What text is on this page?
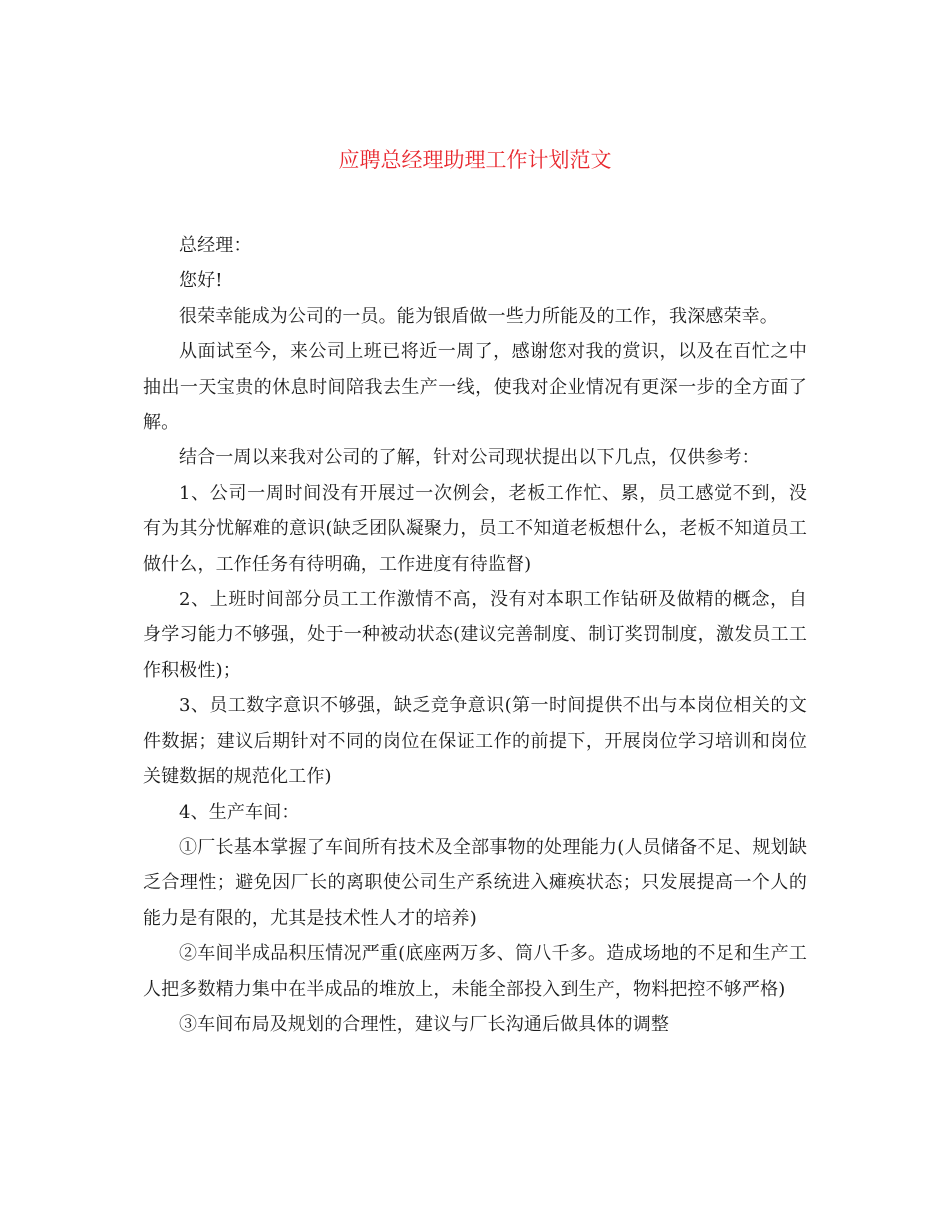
应聘总经理助理工作计划范文

总经理：

您好!

很荣幸能成为公司的一员。能为银盾做一些力所能及的工作，我深感荣幸。

从面试至今，来公司上班已将近一周了，感谢您对我的赏识，以及在百忙之中抽出一天宝贵的休息时间陪我去生产一线，使我对企业情况有更深一步的全方面了解。

结合一周以来我对公司的了解，针对公司现状提出以下几点，仅供参考：

1、公司一周时间没有开展过一次例会，老板工作忙、累，员工感觉不到，没有为其分忧解难的意识(缺乏团队凝聚力，员工不知道老板想什么，老板不知道员工做什么，工作任务有待明确，工作进度有待监督)

2、上班时间部分员工工作激情不高，没有对本职工作钻研及做精的概念，自身学习能力不够强，处于一种被动状态(建议完善制度、制订奖罚制度，激发员工工作积极性)；

3、员工数字意识不够强，缺乏竞争意识(第一时间提供不出与本岗位相关的文件数据；建议后期针对不同的岗位在保证工作的前提下，开展岗位学习培训和岗位关键数据的规范化工作)

4、生产车间：

①厂长基本掌握了车间所有技术及全部事物的处理能力(人员储备不足、规划缺乏合理性；避免因厂长的离职使公司生产系统进入瘫痪状态；只发展提高一个人的能力是有限的，尤其是技术性人才的培养)

②车间半成品积压情况严重(底座两万多、筒八千多。造成场地的不足和生产工人把多数精力集中在半成品的堆放上，未能全部投入到生产，物料把控不够严格)

③车间布局及规划的合理性，建议与厂长沟通后做具体的调整
